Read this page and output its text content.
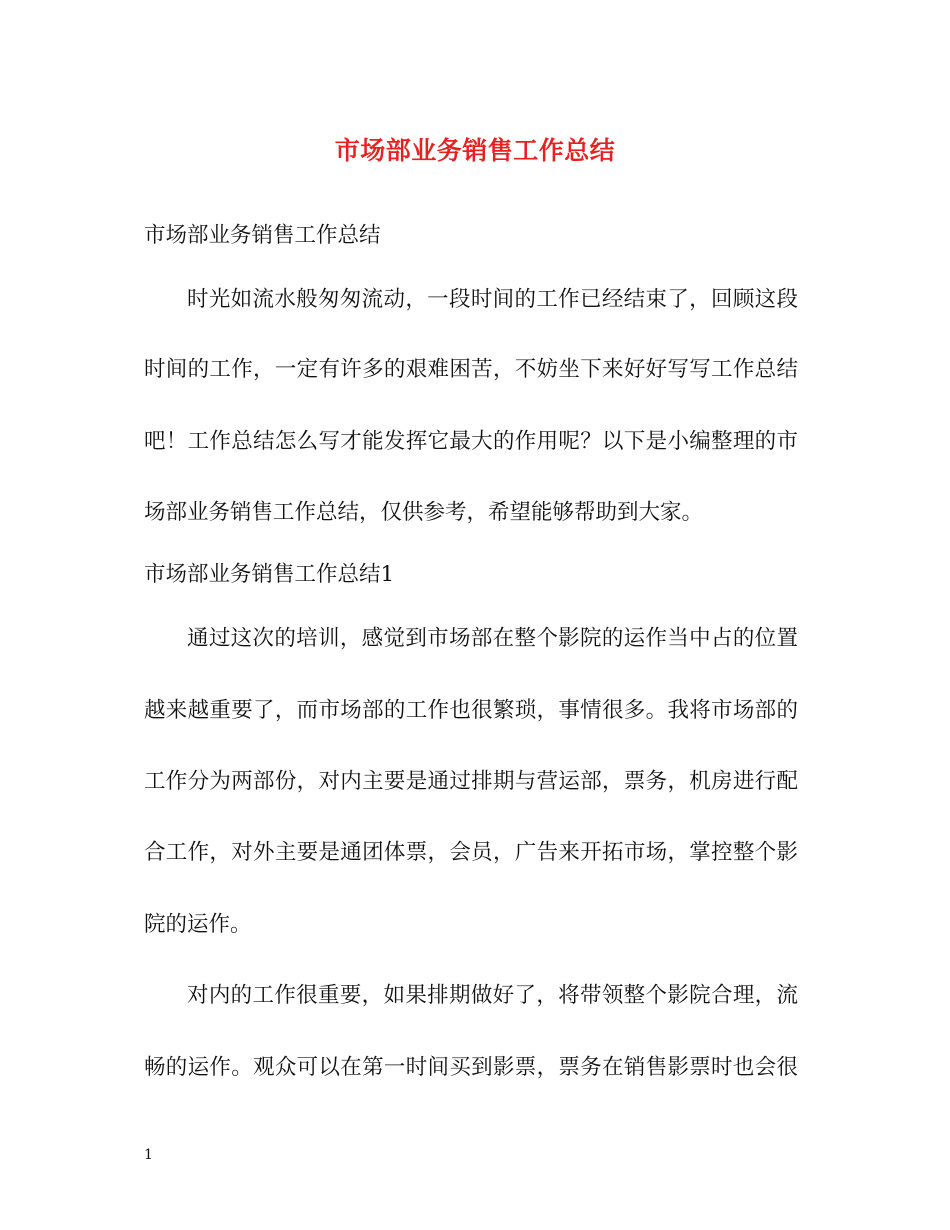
市场部业务销售工作总结
市场部业务销售工作总结
时光如流水般匆匆流动，一段时间的工作已经结束了，回顾这段
时间的工作，一定有许多的艰难困苦，不妨坐下来好好写写工作总结
吧！工作总结怎么写才能发挥它最大的作用呢？以下是小编整理的市
场部业务销售工作总结，仅供参考，希望能够帮助到大家。
市场部业务销售工作总结1
通过这次的培训，感觉到市场部在整个影院的运作当中占的位置
越来越重要了，而市场部的工作也很繁琐，事情很多。我将市场部的
工作分为两部份，对内主要是通过排期与营运部，票务，机房进行配
合工作，对外主要是通团体票，会员，广告来开拓市场，掌控整个影
院的运作。
对内的工作很重要，如果排期做好了，将带领整个影院合理，流
畅的运作。观众可以在第一时间买到影票，票务在销售影票时也会很
1
